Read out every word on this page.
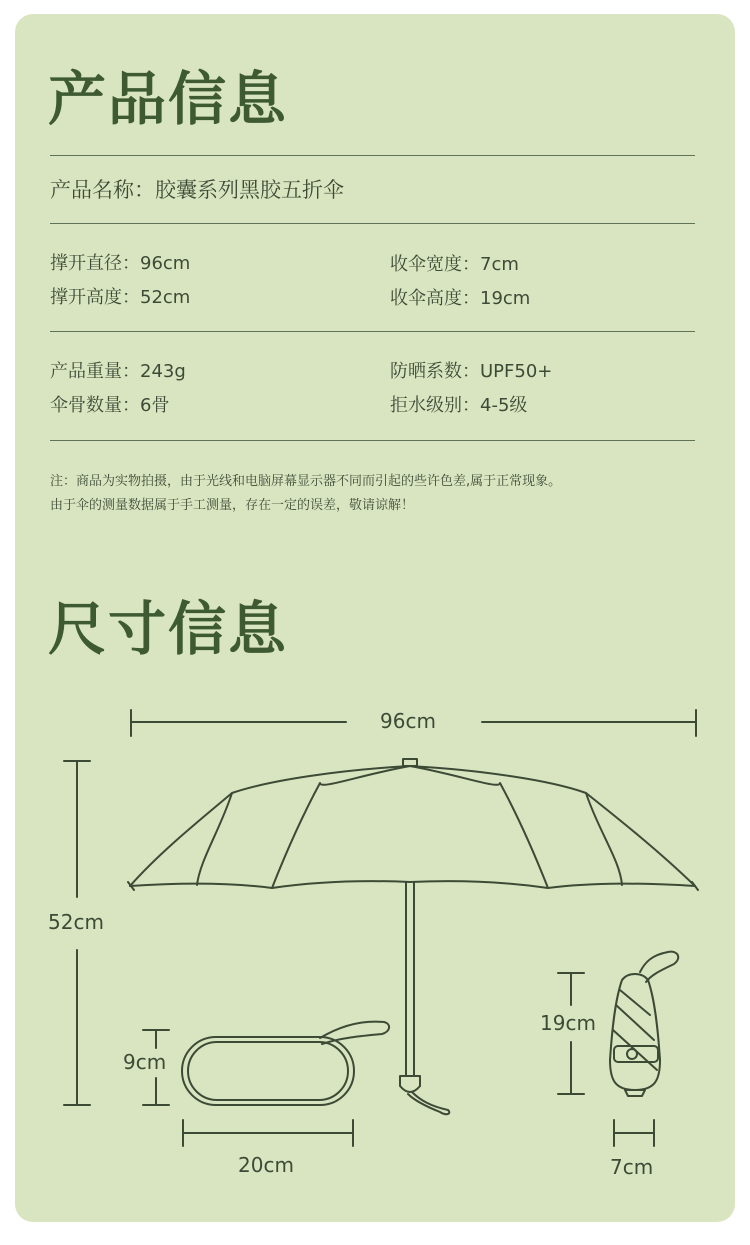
产品信息
产品名称：胶囊系列黑胶五折伞
撑开直径：96cm
撑开高度：52cm
收伞宽度：7cm
收伞高度：19cm
产品重量：243g
伞骨数量：6骨
防晒系数：UPF50+
拒水级别：4-5级
注：商品为实物拍摄，由于光线和电脑屏幕显示器不同而引起的些许色差,属于正常现象。
由于伞的测量数据属于手工测量，存在一定的误差，敬请谅解！
尺寸信息
96cm
52cm
9cm
20cm
19cm
7cm
